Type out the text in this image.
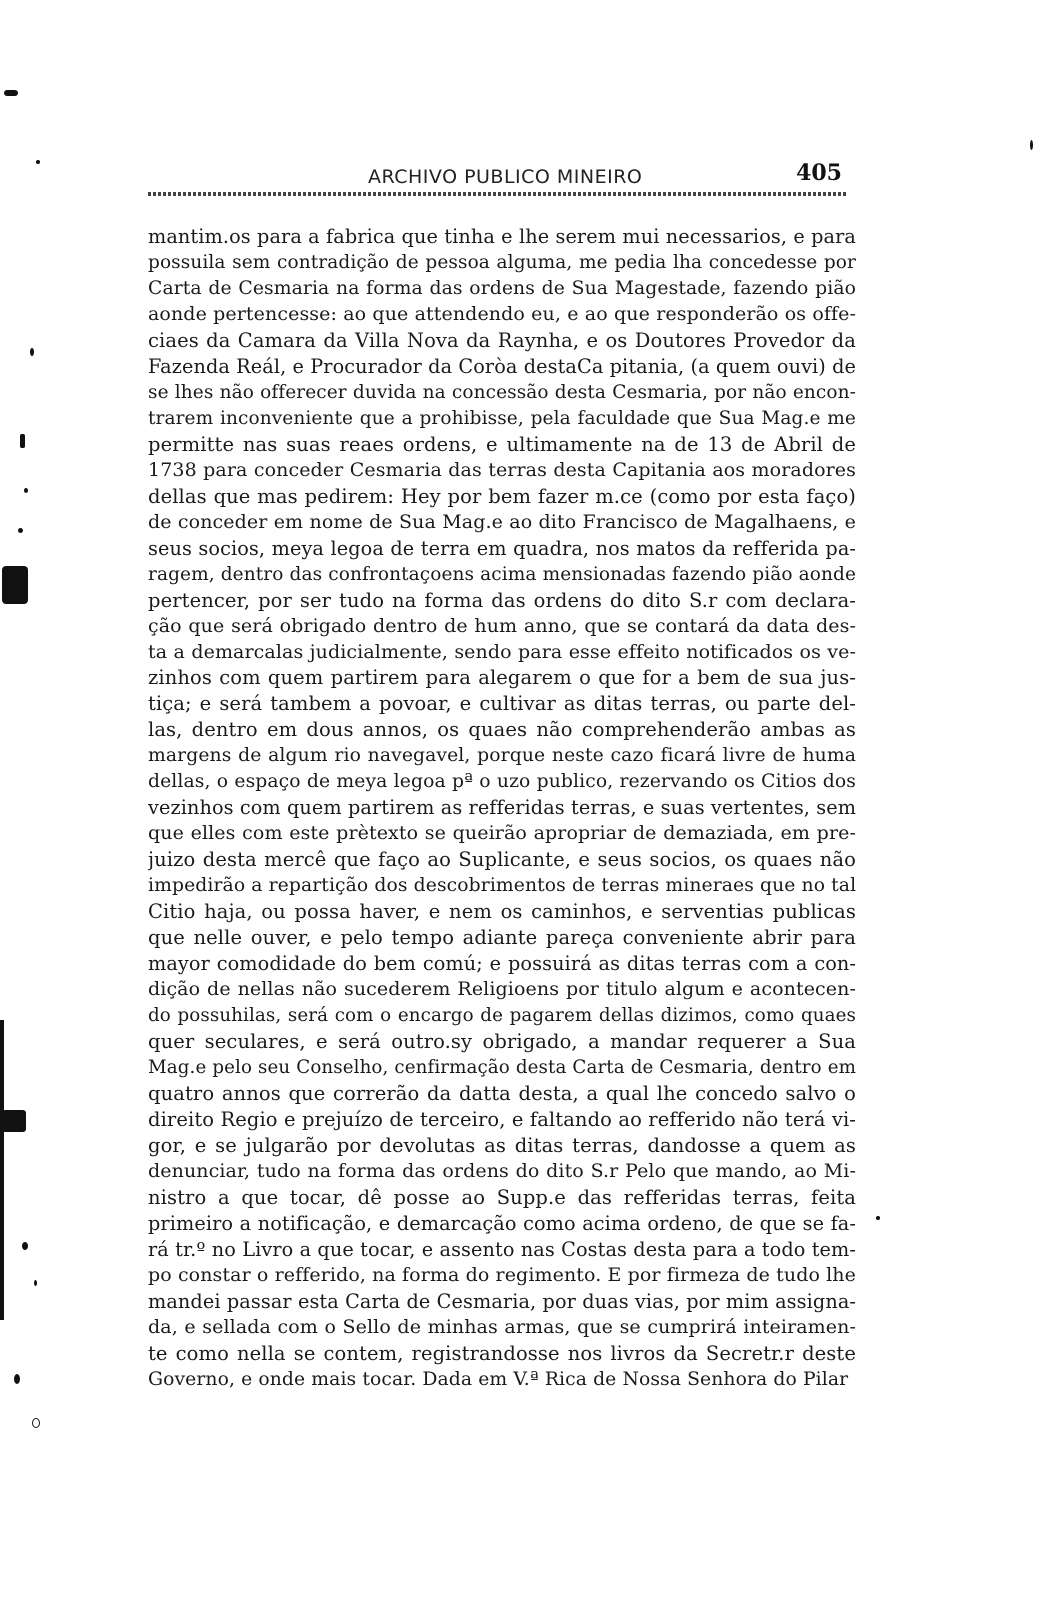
ARCHIVO PUBLICO MINEIRO	405
mantim.os para a fabrica que tinha e lhe serem mui necessarios, e para
possuila sem contradição de pessoa alguma, me pedia lha concedesse por
Carta de Cesmaria na forma das ordens de Sua Magestade, fazendo pião
aonde pertencesse: ao que attendendo eu, e ao que responderão os offe-
ciaes da Camara da Villa Nova da Raynha, e os Doutores Provedor da
Fazenda Reál, e Procurador da Coròa destaCa pitania, (a quem ouvi) de
se lhes não offerecer duvida na concessão desta Cesmaria, por não encon-
trarem inconveniente que a prohibisse, pela faculdade que Sua Mag.e me
permitte nas suas reaes ordens, e ultimamente na de 13 de Abril de
1738 para conceder Cesmaria das terras desta Capitania aos moradores
dellas que mas pedirem: Hey por bem fazer m.ce (como por esta faço)
de conceder em nome de Sua Mag.e ao dito Francisco de Magalhaens, e
seus socios, meya legoa de terra em quadra, nos matos da refferida pa-
ragem, dentro das confrontaçoens acima mensionadas fazendo pião aonde
pertencer, por ser tudo na forma das ordens do dito S.r com declara-
ção que será obrigado dentro de hum anno, que se contará da data des-
ta a demarcalas judicialmente, sendo para esse effeito notificados os ve-
zinhos com quem partirem para alegarem o que for a bem de sua jus-
tiça; e será tambem a povoar, e cultivar as ditas terras, ou parte del-
las, dentro em dous annos, os quaes não comprehenderão ambas as
margens de algum rio navegavel, porque neste cazo ficará livre de huma
dellas, o espaço de meya legoa pª o uzo publico, rezervando os Citios dos
vezinhos com quem partirem as refferidas terras, e suas vertentes, sem
que elles com este prètexto se queirão apropriar de demaziada, em pre-
juizo desta mercê que faço ao Suplicante, e seus socios, os quaes não
impedirão a repartição dos descobrimentos de terras mineraes que no tal
Citio haja, ou possa haver, e nem os caminhos, e serventias publicas
que nelle ouver, e pelo tempo adiante pareça conveniente abrir para
mayor comodidade do bem comú; e possuirá as ditas terras com a con-
dição de nellas não sucederem Religioens por titulo algum e acontecen-
do possuhilas, será com o encargo de pagarem dellas dizimos, como quaes
quer seculares, e será outro.sy obrigado, a mandar requerer a Sua
Mag.e pelo seu Conselho, cenfirmação desta Carta de Cesmaria, dentro em
quatro annos que correrão da datta desta, a qual lhe concedo salvo o
direito Regio e prejuízo de terceiro, e faltando ao refferido não terá vi-
gor, e se julgarão por devolutas as ditas terras, dandosse a quem as
denunciar, tudo na forma das ordens do dito S.r Pelo que mando, ao Mi-
nistro a que tocar, dê posse ao Supp.e das refferidas terras, feita
primeiro a notificação, e demarcação como acima ordeno, de que se fa-
rá tr.º no Livro a que tocar, e assento nas Costas desta para a todo tem-
po constar o refferido, na forma do regimento. E por firmeza de tudo lhe
mandei passar esta Carta de Cesmaria, por duas vias, por mim assigna-
da, e sellada com o Sello de minhas armas, que se cumprirá inteiramen-
te como nella se contem, registrandosse nos livros da Secretr.r deste
Governo, e onde mais tocar. Dada em V.ª Rica de Nossa Senhora do Pilar
